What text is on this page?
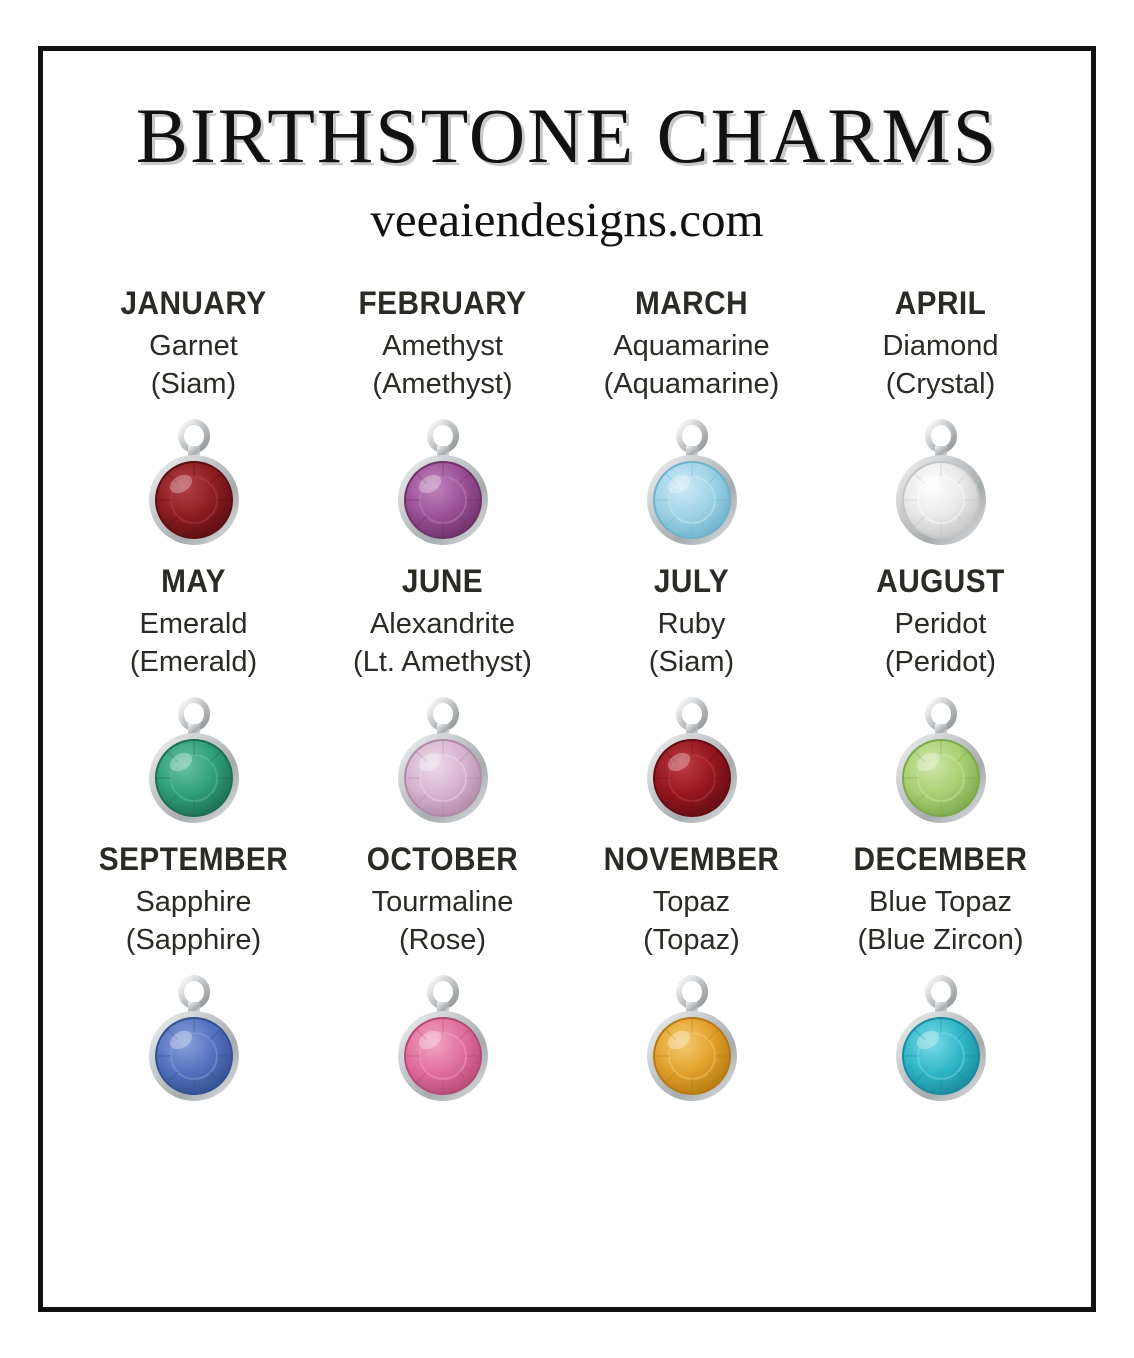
BIRTHSTONE CHARMS
veeaiendesigns.com
JANUARY
Garnet
(Siam)
FEBRUARY
Amethyst
(Amethyst)
MARCH
Aquamarine
(Aquamarine)
APRIL
Diamond
(Crystal)
MAY
Emerald
(Emerald)
JUNE
Alexandrite
(Lt. Amethyst)
JULY
Ruby
(Siam)
AUGUST
Peridot
(Peridot)
SEPTEMBER
Sapphire
(Sapphire)
OCTOBER
Tourmaline
(Rose)
NOVEMBER
Topaz
(Topaz)
DECEMBER
Blue Topaz
(Blue Zircon)
